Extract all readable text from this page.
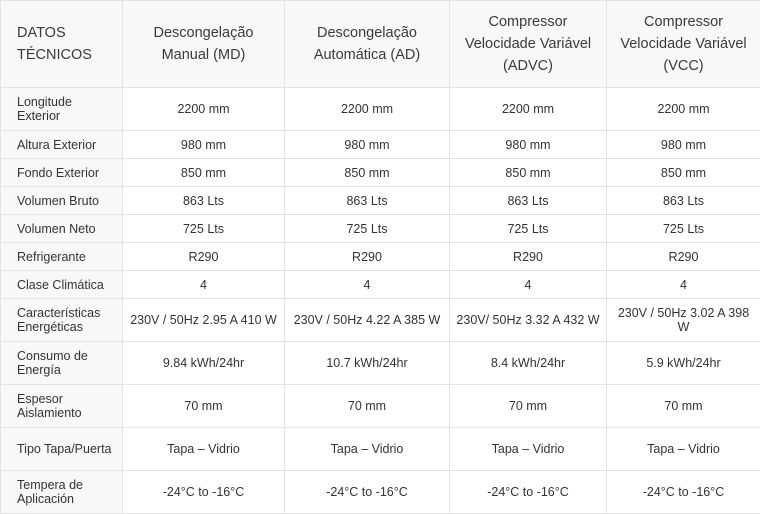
DATOS TÉCNICOS	Descongelação Manual (MD)	Descongelação Automática (AD)	Compressor Velocidade Variável (ADVC)	Compressor Velocidade Variável (VCC)
Longitude Exterior	2200 mm	2200 mm	2200 mm	2200 mm
Altura Exterior	980 mm	980 mm	980 mm	980 mm
Fondo Exterior	850 mm	850 mm	850 mm	850 mm
Volumen Bruto	863 Lts	863 Lts	863 Lts	863 Lts
Volumen Neto	725 Lts	725 Lts	725 Lts	725 Lts
Refrigerante	R290	R290	R290	R290
Clase Climática	4	4	4	4
Características Energéticas	230V / 50Hz 2.95 A 410 W	230V / 50Hz 4.22 A 385 W	230V/ 50Hz 3.32 A 432 W	230V / 50Hz 3.02 A 398 W
Consumo de Energía	9.84 kWh/24hr	10.7 kWh/24hr	8.4 kWh/24hr	5.9 kWh/24hr
Espesor Aislamiento	70 mm	70 mm	70 mm	70 mm
Tipo Tapa/Puerta	Tapa – Vidrio	Tapa – Vidrio	Tapa – Vidrio	Tapa – Vidrio
Tempera de Aplicación	-24°C to -16°C	-24°C to -16°C	-24°C to -16°C	-24°C to -16°C
